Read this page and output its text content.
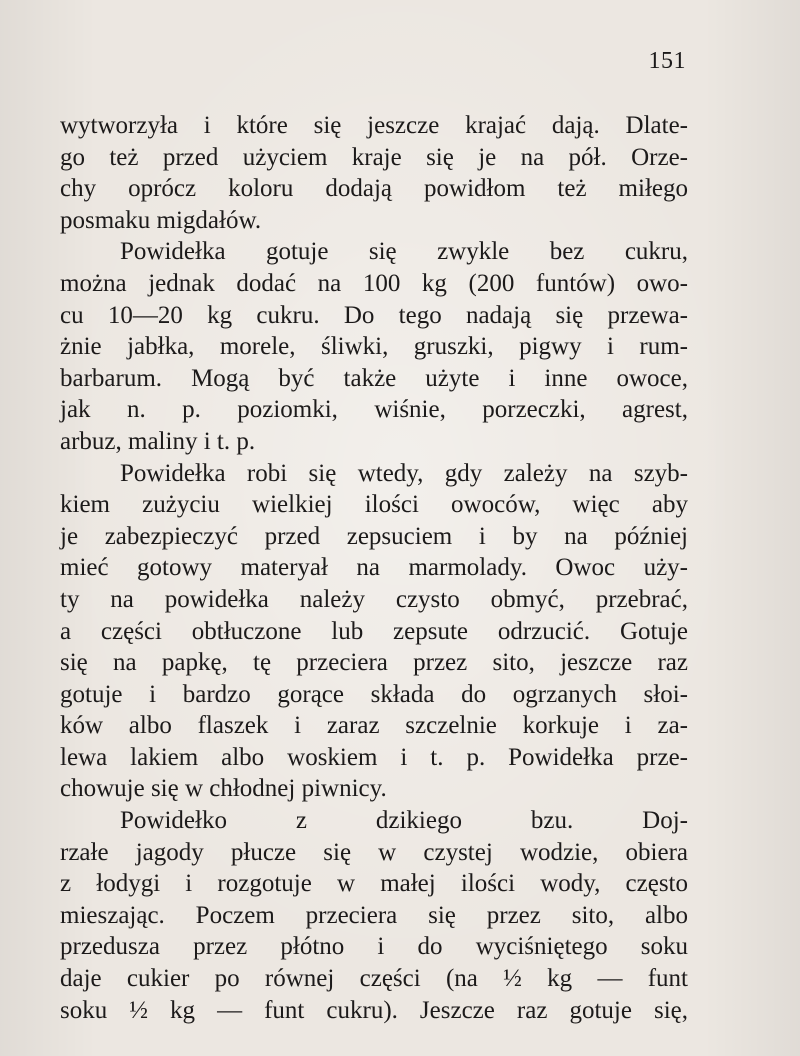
151
wytworzyła i które się jeszcze krajać dają. Dlate-
go też przed użyciem kraje się je na pół. Orze-
chy oprócz koloru dodają powidłom też miłego
posmaku migdałów.
Powidełka gotuje się zwykle bez cukru,
można jednak dodać na 100 kg (200 funtów) owo-
cu 10—20 kg cukru. Do tego nadają się przewa-
żnie jabłka, morele, śliwki, gruszki, pigwy i rum-
barbarum. Mogą być także użyte i inne owoce,
jak n. p. poziomki, wiśnie, porzeczki, agrest,
arbuz, maliny i t. p.
Powidełka robi się wtedy, gdy zależy na szyb-
kiem zużyciu wielkiej ilości owoców, więc aby
je zabezpieczyć przed zepsuciem i by na później
mieć gotowy materyał na marmolady. Owoc uży-
ty na powidełka należy czysto obmyć, przebrać,
a części obtłuczone lub zepsute odrzucić. Gotuje
się na papkę, tę przeciera przez sito, jeszcze raz
gotuje i bardzo gorące składa do ogrzanych słoi-
ków albo flaszek i zaraz szczelnie korkuje i za-
lewa lakiem albo woskiem i t. p. Powidełka prze-
chowuje się w chłodnej piwnicy.
Powidełko z dzikiego bzu. Doj-
rzałe jagody płucze się w czystej wodzie, obiera
z łodygi i rozgotuje w małej ilości wody, często
mieszając. Poczem przeciera się przez sito, albo
przedusza przez płótno i do wyciśniętego soku
daje cukier po równej części (na ½ kg — funt
soku ½ kg — funt cukru). Jeszcze raz gotuje się,
